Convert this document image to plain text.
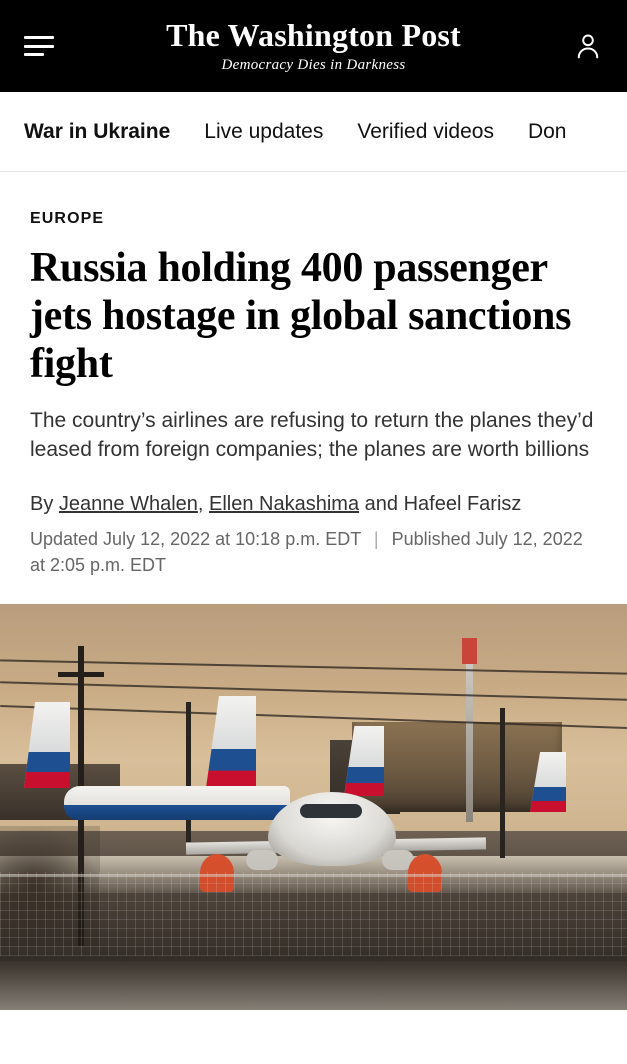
The Washington Post
Democracy Dies in Darkness
War in Ukraine Live updates Verified videos Don
EUROPE
Russia holding 400 passenger jets hostage in global sanctions fight

The country’s airlines are refusing to return the planes they’d leased from foreign companies; the planes are worth billions

By Jeanne Whalen, Ellen Nakashima and Hafeel Farisz
Updated July 12, 2022 at 10:18 p.m. EDT | Published July 12, 2022 at 2:05 p.m. EDT
